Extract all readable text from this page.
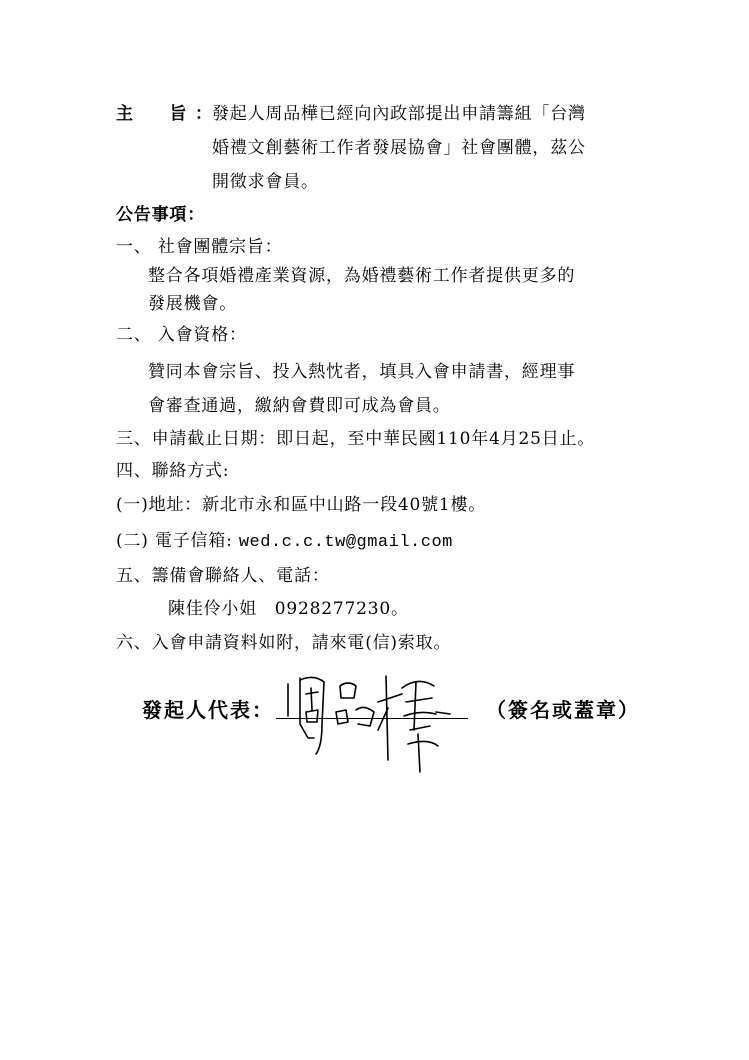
主　　旨 ： 發起人周品樺已經向內政部提出申請籌組「台灣
婚禮文創藝術工作者發展協會」社會團體，茲公
開徵求會員。
公告事項：
一、 社會團體宗旨：
整合各項婚禮產業資源，為婚禮藝術工作者提供更多的
發展機會。
二、 入會資格：
贊同本會宗旨、投入熱忱者，填具入會申請書，經理事
會審查通過，繳納會費即可成為會員。
三、申請截止日期：即日起，至中華民國110年4月25日止。
四、聯絡方式:
(一)地址：新北市永和區中山路一段40號1樓。
(二) 電子信箱: wed.c.c.tw@gmail.com
五、籌備會聯絡人、電話：
陳佳伶小姐　0928277230。
六、入會申請資料如附，請來電(信)索取。
發起人代表：	（簽名或蓋章）
